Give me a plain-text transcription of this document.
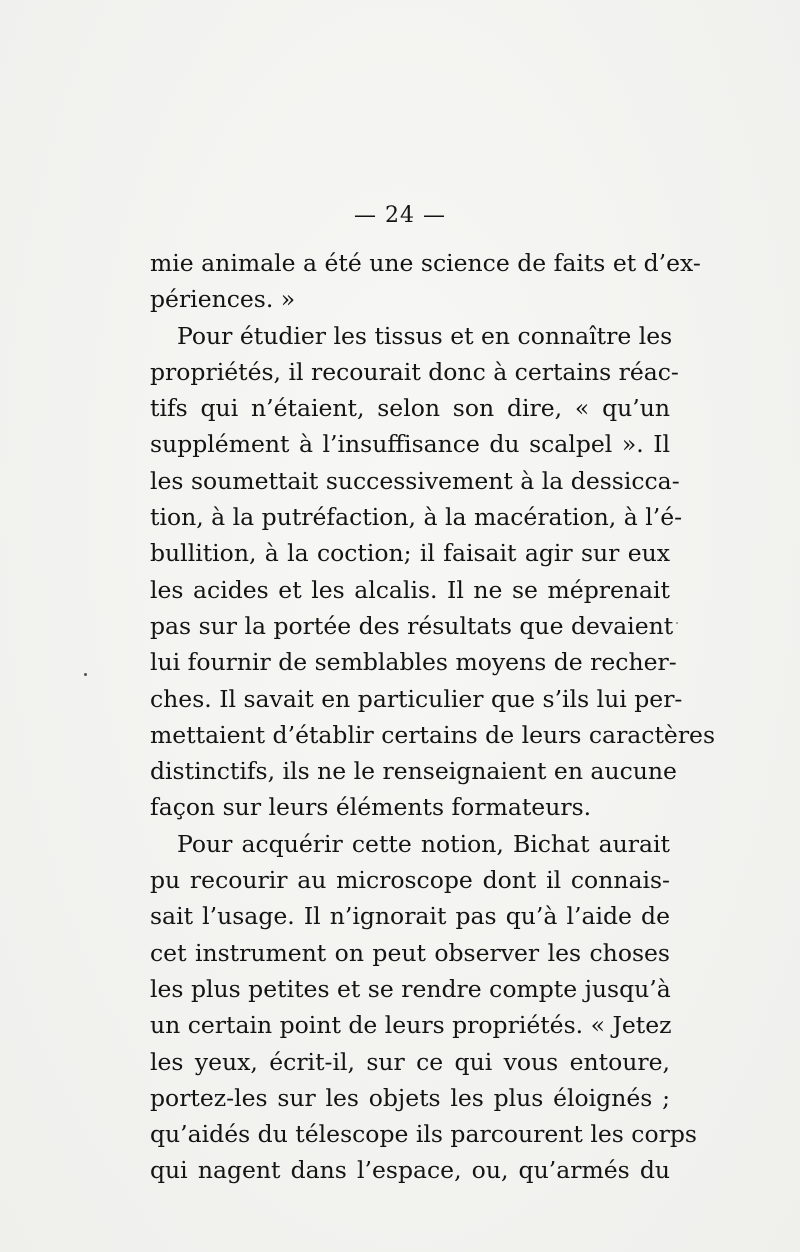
— 24 —
mie animale a été une science de faits et d’ex-
périences. »
Pour étudier les tissus et en connaître les
propriétés, il recourait donc à certains réac-
tifs qui n’étaient, selon son dire, « qu’un
supplément à l’insuffisance du scalpel ». Il
les soumettait successivement à la dessicca-
tion, à la putréfaction, à la macération, à l’é-
bullition, à la coction; il faisait agir sur eux
les acides et les alcalis. Il ne se méprenait
pas sur la portée des résultats que devaient
lui fournir de semblables moyens de recher-
ches. Il savait en particulier que s’ils lui per-
mettaient d’établir certains de leurs caractères
distinctifs, ils ne le renseignaient en aucune
façon sur leurs éléments formateurs.
Pour acquérir cette notion, Bichat aurait
pu recourir au microscope dont il connais-
sait l’usage. Il n’ignorait pas qu’à l’aide de
cet instrument on peut observer les choses
les plus petites et se rendre compte jusqu’à
un certain point de leurs propriétés. « Jetez
les yeux, écrit-il, sur ce qui vous entoure,
portez-les sur les objets les plus éloignés ;
qu’aidés du télescope ils parcourent les corps
qui nagent dans l’espace, ou, qu’armés du
